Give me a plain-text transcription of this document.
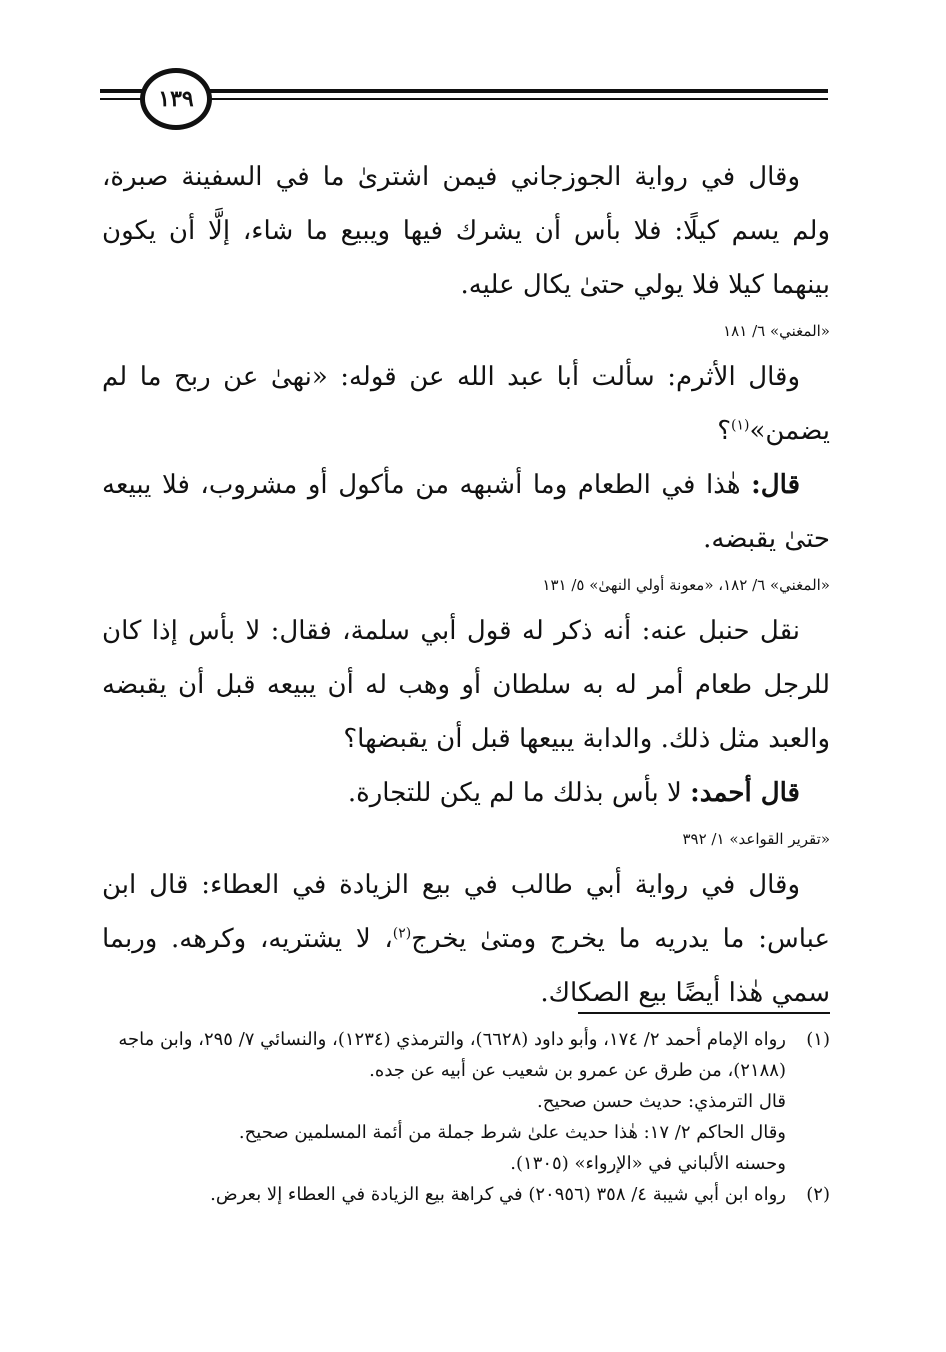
١٣٩

وقال في رواية الجوزجاني فيمن اشترىٰ ما في السفينة صبرة، ولم يسم كيلًا: فلا بأس أن يشرك فيها ويبيع ما شاء، إلَّا أن يكون بينهما كيلا فلا يولي حتىٰ يكال عليه.

«المغني» ٦/ ١٨١

وقال الأثرم: سألت أبا عبد الله عن قوله: «نهىٰ عن ربح ما لم يضمن»$^{(١)}$؟

قال: هٰذا في الطعام وما أشبهه من مأكول أو مشروب، فلا يبيعه حتىٰ يقبضه.

«المغني» ٦/ ١٨٢، «معونة أولي النهىٰ» ٥/ ١٣١

نقل حنبل عنه: أنه ذكر له قول أبي سلمة، فقال: لا بأس إذا كان للرجل طعام أمر له به سلطان أو وهب له أن يبيعه قبل أن يقبضه والعبد مثل ذلك. والدابة يبيعها قبل أن يقبضها؟

قال أحمد: لا بأس بذلك ما لم يكن للتجارة.

«تقرير القواعد» ١/ ٣٩٢

وقال في رواية أبي طالب في بيع الزيادة في العطاء: قال ابن عباس: ما يدريه ما يخرج ومتىٰ يخرج$^{(٢)}$، لا يشتريه، وكرهه. وربما سمي هٰذا أيضًا بيع الصكاك.

(١)
رواه الإمام أحمد ٢/ ١٧٤، وأبو داود (٦٦٢٨)، والترمذي (١٢٣٤)، والنسائي ٧/ ٢٩٥، وابن ماجه (٢١٨٨)، من طرق عن عمرو بن شعيب عن أبيه عن جده.
قال الترمذي: حديث حسن صحيح.
وقال الحاكم ٢/ ١٧: هٰذا حديث علىٰ شرط جملة من أئمة المسلمين صحيح.
وحسنه الألباني في «الإرواء» (١٣٠٥).
(٢)
رواه ابن أبي شيبة ٤/ ٣٥٨ (٢٠٩٥٦) في كراهة بيع الزيادة في العطاء إلا بعرض.
